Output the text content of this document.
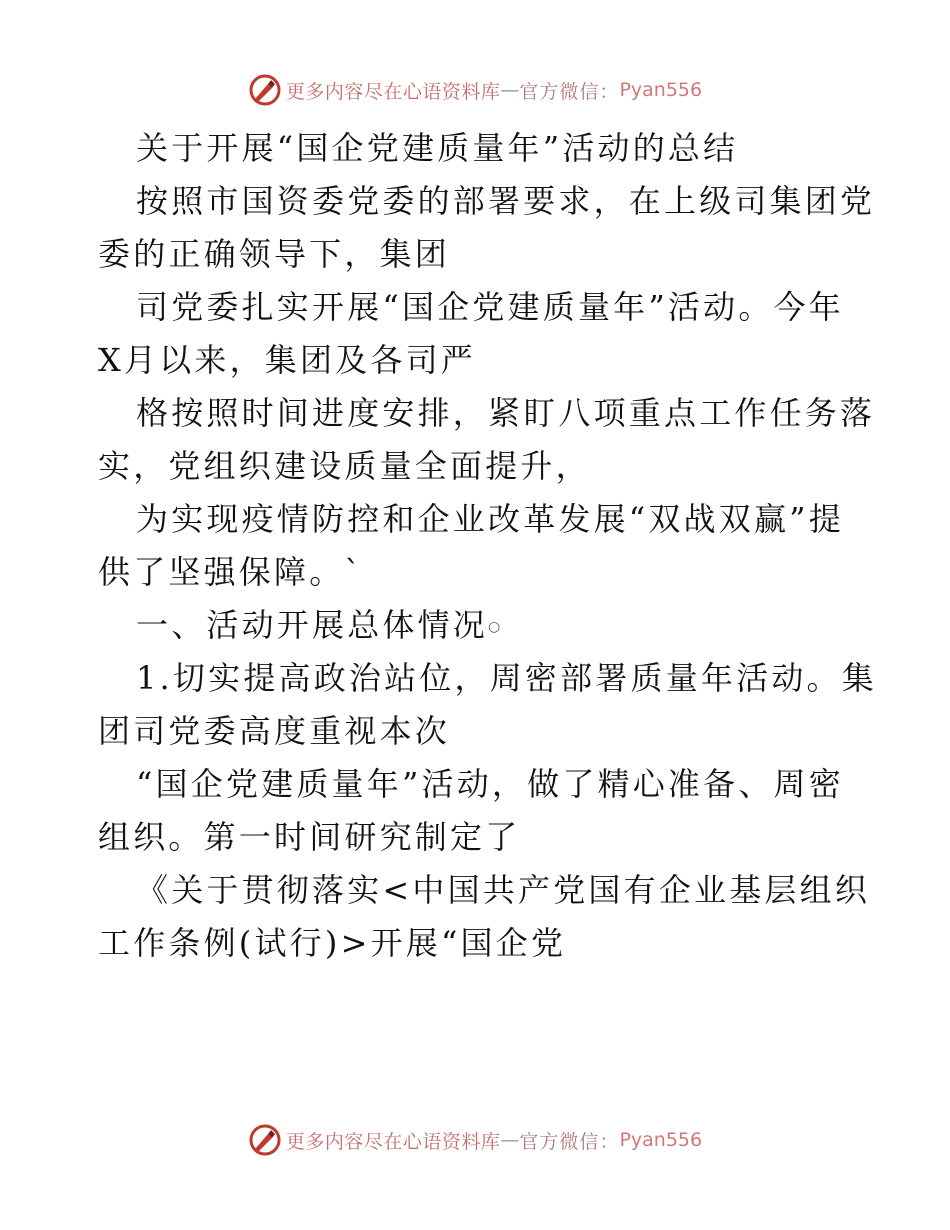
更多内容尽在心语资料库 — 官方微信： Pyan556
关于开展“国企党建质量年”活动的总结
按照市国资委党委的部署要求，在上级司集团党
委的正确领导下，集团
司党委扎实开展“国企党建质量年”活动。今年
X月以来，集团及各司严
格按照时间进度安排，紧盯八项重点工作任务落
实，党组织建设质量全面提升，
为实现疫情防控和企业改革发展“双战双赢”提
供了坚强保障。`
一、活动开展总体情况○
1.切实提高政治站位，周密部署质量年活动。集
团司党委高度重视本次
“国企党建质量年”活动，做了精心准备、周密
组织。第一时间研究制定了
《关于贯彻落实<中国共产党国有企业基层组织
工作条例(试行)>开展“国企党
更多内容尽在心语资料库 — 官方微信： Pyan556
